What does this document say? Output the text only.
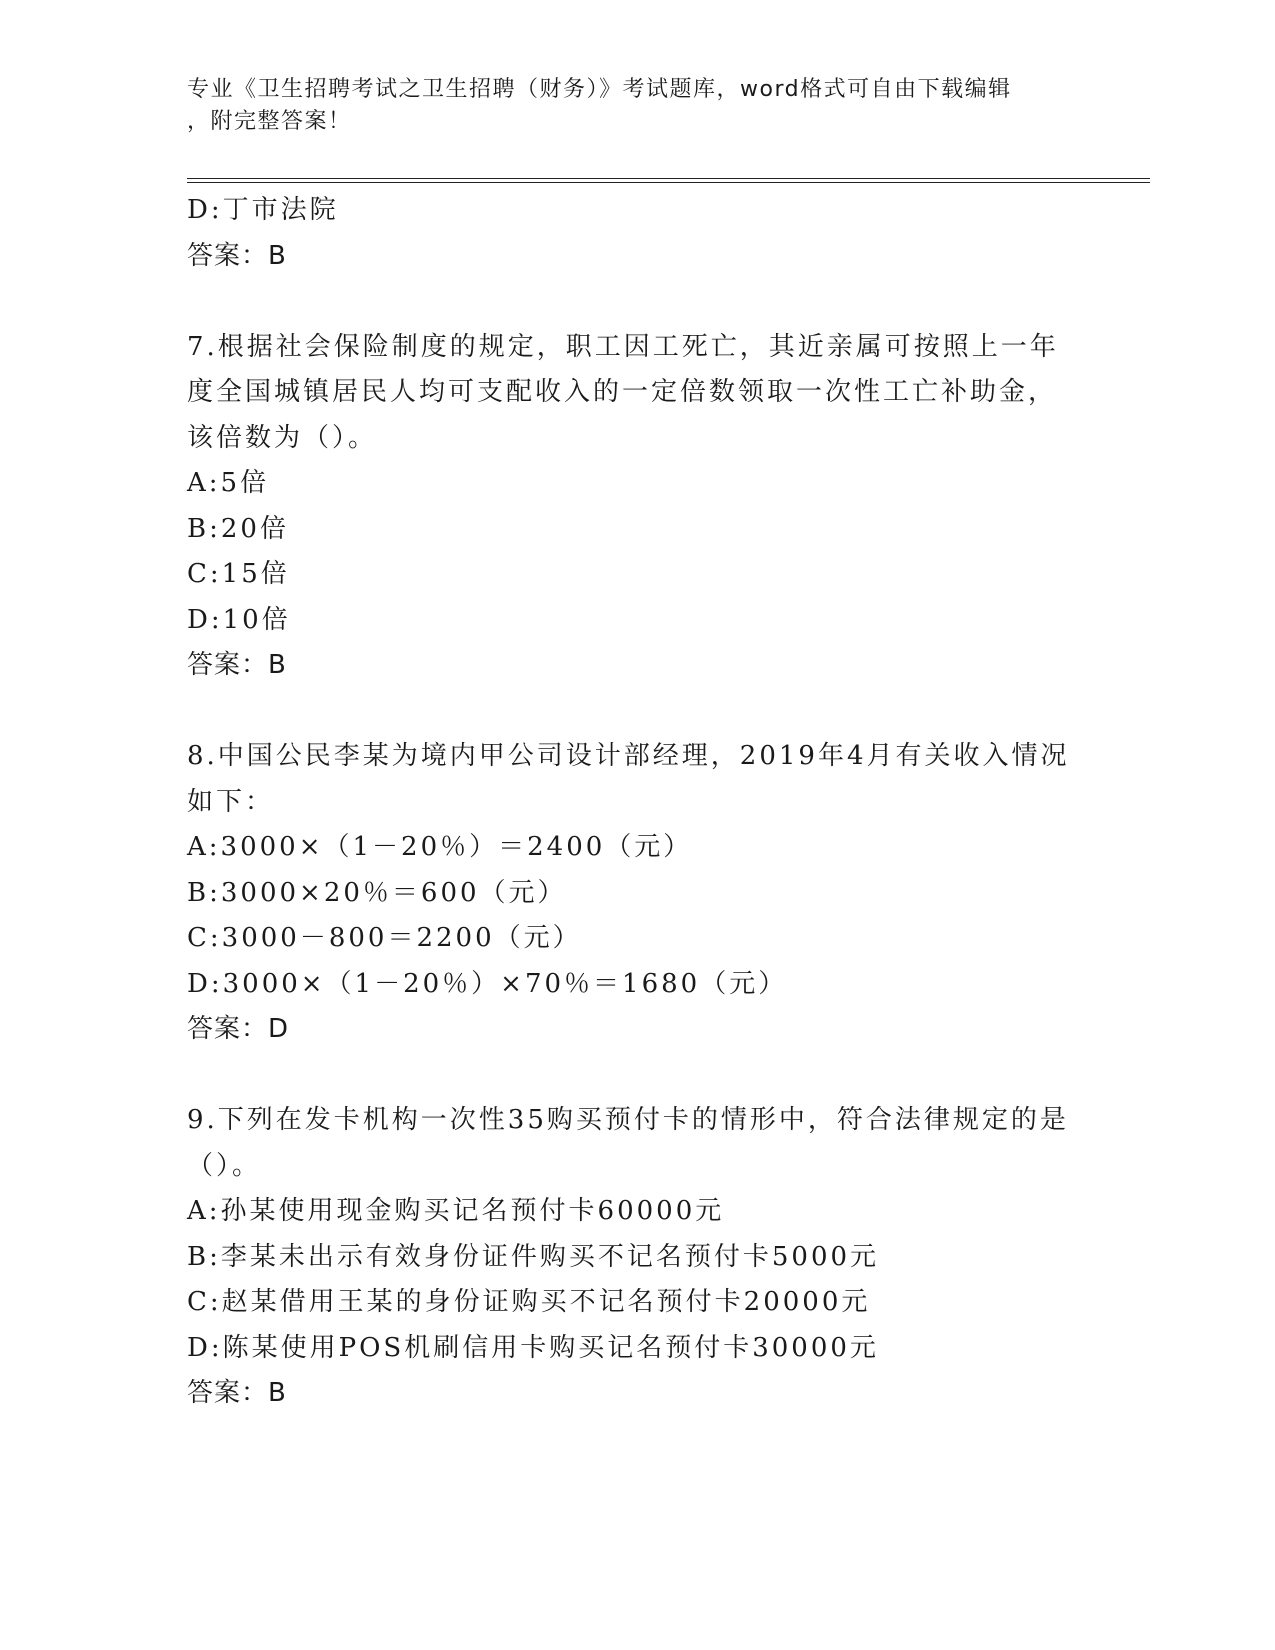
专业《卫生招聘考试之卫生招聘（财务）》考试题库，word格式可自由下载编辑
，附完整答案！
D:丁市法院
答案：B
7.根据社会保险制度的规定，职工因工死亡，其近亲属可按照上一年
度全国城镇居民人均可支配收入的一定倍数领取一次性工亡补助金，
该倍数为（）。
A:5倍
B:20倍
C:15倍
D:10倍
答案：B
8.中国公民李某为境内甲公司设计部经理，2019年4月有关收入情况
如下：
A:3000×（1－20％）＝2400（元）
B:3000×20％＝600（元）
C:3000－800＝2200（元）
D:3000×（1－20％）×70％＝1680（元）
答案：D
9.下列在发卡机构一次性35购买预付卡的情形中，符合法律规定的是
（）。
A:孙某使用现金购买记名预付卡60000元
B:李某未出示有效身份证件购买不记名预付卡5000元
C:赵某借用王某的身份证购买不记名预付卡20000元
D:陈某使用POS机刷信用卡购买记名预付卡30000元
答案：B
